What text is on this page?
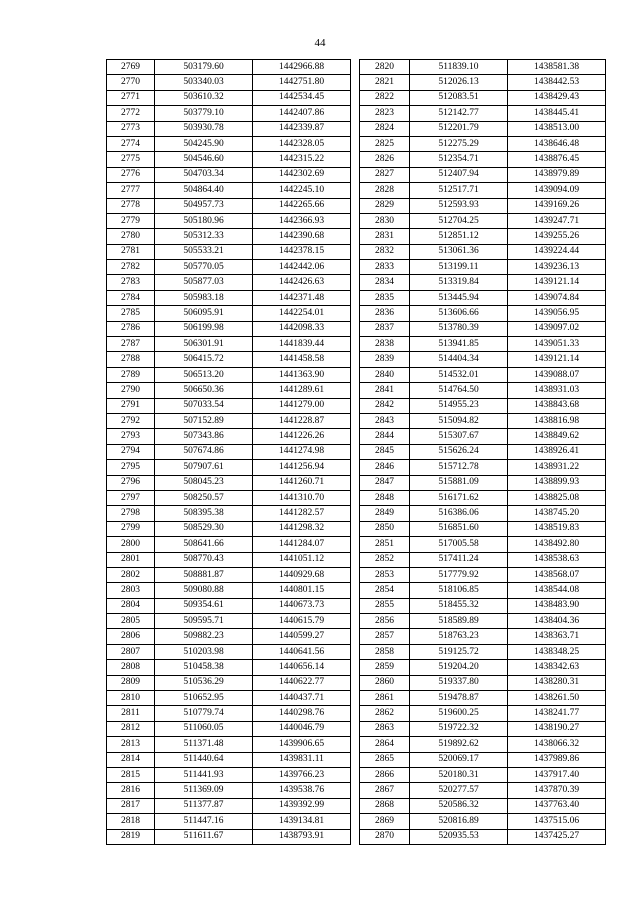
44
2769	503179.60	1442966.88
2770	503340.03	1442751.80
2771	503610.32	1442534.45
2772	503779.10	1442407.86
2773	503930.78	1442339.87
2774	504245.90	1442328.05
2775	504546.60	1442315.22
2776	504703.34	1442302.69
2777	504864.40	1442245.10
2778	504957.73	1442265.66
2779	505180.96	1442366.93
2780	505312.33	1442390.68
2781	505533.21	1442378.15
2782	505770.05	1442442.06
2783	505877.03	1442426.63
2784	505983.18	1442371.48
2785	506095.91	1442254.01
2786	506199.98	1442098.33
2787	506301.91	1441839.44
2788	506415.72	1441458.58
2789	506513.20	1441363.90
2790	506650.36	1441289.61
2791	507033.54	1441279.00
2792	507152.89	1441228.87
2793	507343.86	1441226.26
2794	507674.86	1441274.98
2795	507907.61	1441256.94
2796	508045.23	1441260.71
2797	508250.57	1441310.70
2798	508395.38	1441282.57
2799	508529.30	1441298.32
2800	508641.66	1441284.07
2801	508770.43	1441051.12
2802	508881.87	1440929.68
2803	509080.88	1440801.15
2804	509354.61	1440673.73
2805	509595.71	1440615.79
2806	509882.23	1440599.27
2807	510203.98	1440641.56
2808	510458.38	1440656.14
2809	510536.29	1440622.77
2810	510652.95	1440437.71
2811	510779.74	1440298.76
2812	511060.05	1440046.79
2813	511371.48	1439906.65
2814	511440.64	1439831.11
2815	511441.93	1439766.23
2816	511369.09	1439538.76
2817	511377.87	1439392.99
2818	511447.16	1439134.81
2819	511611.67	1438793.91
2820	511839.10	1438581.38
2821	512026.13	1438442.53
2822	512083.51	1438429.43
2823	512142.77	1438445.41
2824	512201.79	1438513.00
2825	512275.29	1438646.48
2826	512354.71	1438876.45
2827	512407.94	1438979.89
2828	512517.71	1439094.09
2829	512593.93	1439169.26
2830	512704.25	1439247.71
2831	512851.12	1439255.26
2832	513061.36	1439224.44
2833	513199.11	1439236.13
2834	513319.84	1439121.14
2835	513445.94	1439074.84
2836	513606.66	1439056.95
2837	513780.39	1439097.02
2838	513941.85	1439051.33
2839	514404.34	1439121.14
2840	514532.01	1439088.07
2841	514764.50	1438931.03
2842	514955.23	1438843.68
2843	515094.82	1438816.98
2844	515307.67	1438849.62
2845	515626.24	1438926.41
2846	515712.78	1438931.22
2847	515881.09	1438899.93
2848	516171.62	1438825.08
2849	516386.06	1438745.20
2850	516851.60	1438519.83
2851	517005.58	1438492.80
2852	517411.24	1438538.63
2853	517779.92	1438568.07
2854	518106.85	1438544.08
2855	518455.32	1438483.90
2856	518589.89	1438404.36
2857	518763.23	1438363.71
2858	519125.72	1438348.25
2859	519204.20	1438342.63
2860	519337.80	1438280.31
2861	519478.87	1438261.50
2862	519600.25	1438241.77
2863	519722.32	1438190.27
2864	519892.62	1438066.32
2865	520069.17	1437989.86
2866	520180.31	1437917.40
2867	520277.57	1437870.39
2868	520586.32	1437763.40
2869	520816.89	1437515.06
2870	520935.53	1437425.27
